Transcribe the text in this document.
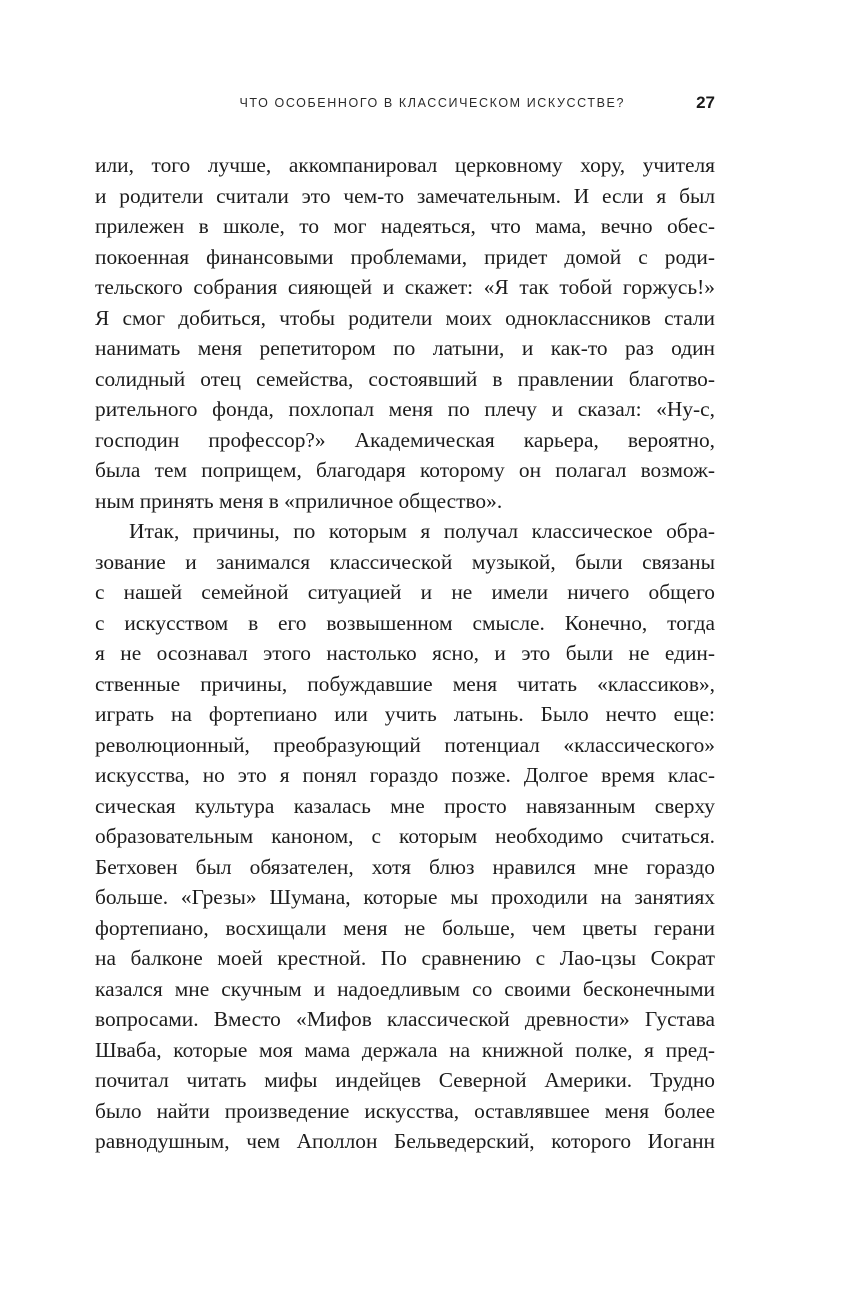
ЧТО ОСОБЕННОГО В КЛАССИЧЕСКОМ ИСКУССТВЕ?	27

или, того лучше, аккомпанировал церковному хору, учителя
и родители считали это чем-то замечательным. И если я был
прилежен в школе, то мог надеяться, что мама, вечно обес-
покоенная финансовыми проблемами, придет домой с роди-
тельского собрания сияющей и скажет: «Я так тобой горжусь!»
Я смог добиться, чтобы родители моих одноклассников стали
нанимать меня репетитором по латыни, и как-то раз один
солидный отец семейства, состоявший в правлении благотво-
рительного фонда, похлопал меня по плечу и сказал: «Ну-с,
господин профессор?» Академическая карьера, вероятно,
была тем поприщем, благодаря которому он полагал возмож-
ным принять меня в «приличное общество».

Итак, причины, по которым я получал классическое обра-
зование и занимался классической музыкой, были связаны
с нашей семейной ситуацией и не имели ничего общего
с искусством в его возвышенном смысле. Конечно, тогда
я не осознавал этого настолько ясно, и это были не един-
ственные причины, побуждавшие меня читать «классиков»,
играть на фортепиано или учить латынь. Было нечто еще:
революционный, преобразующий потенциал «классического»
искусства, но это я понял гораздо позже. Долгое время клас-
сическая культура казалась мне просто навязанным сверху
образовательным каноном, с которым необходимо считаться.
Бетховен был обязателен, хотя блюз нравился мне гораздо
больше. «Грезы» Шумана, которые мы проходили на занятиях
фортепиано, восхищали меня не больше, чем цветы герани
на балконе моей крестной. По сравнению с Лао-цзы Сократ
казался мне скучным и надоедливым со своими бесконечными
вопросами. Вместо «Мифов классической древности» Густава
Шваба, которые моя мама держала на книжной полке, я пред-
почитал читать мифы индейцев Северной Америки. Трудно
было найти произведение искусства, оставлявшее меня более
равнодушным, чем Аполлон Бельведерский, которого Иоганн
